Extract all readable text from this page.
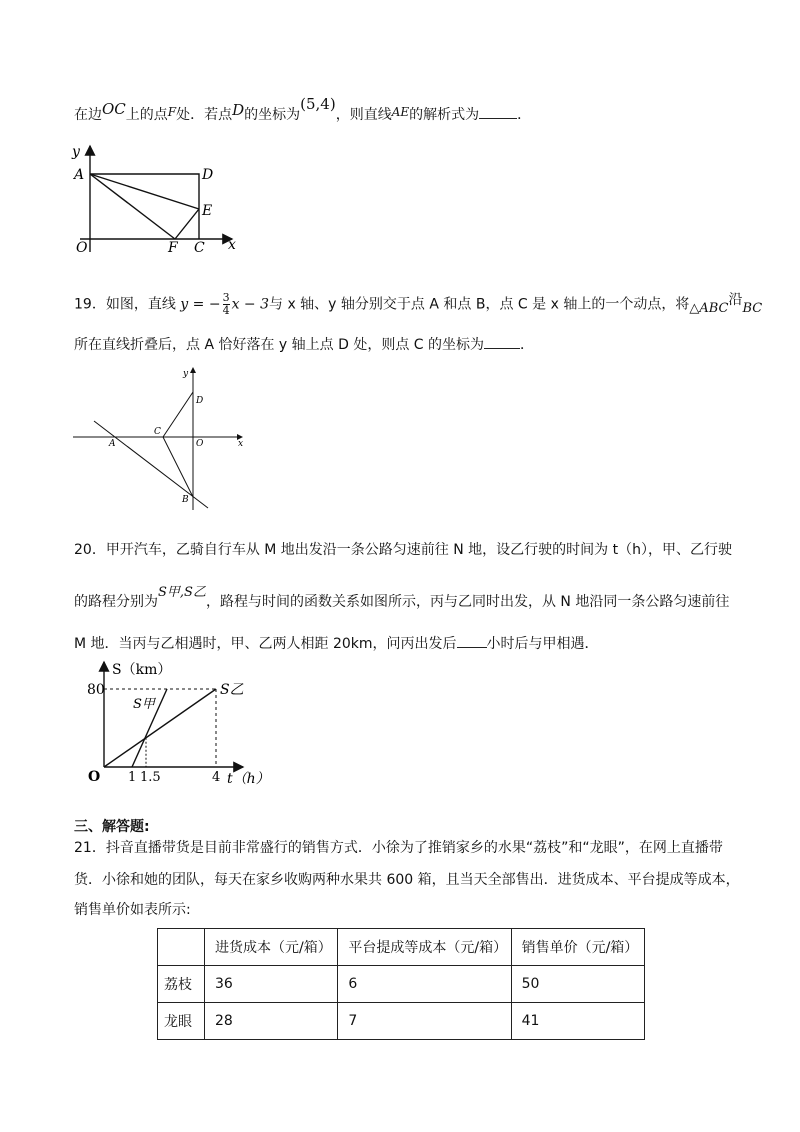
在边OC上的点F处．若点D的坐标为(5,4)，则直线AE的解析式为	．
y
A	D
E
O	F C x
19．如图，直线 y = − $\frac{3}{4}$ x − 3与 x 轴、y 轴分别交于点 A 和点 B，点 C 是 x 轴上的一个动点，将△ABC沿BC
所在直线折叠后，点 A 恰好落在 y 轴上点 D 处，则点 C 的坐标为	．
y
D
C
O
A	x
B
20．甲开汽车，乙骑自行车从 M 地出发沿一条公路匀速前往 N 地，设乙行驶的时间为 t（h），甲、乙行驶
的路程分别为S甲,S乙，路程与时间的函数关系如图所示，丙与乙同时出发，从 N 地沿同一条公路匀速前往
M 地．当丙与乙相遇时，甲、乙两人相距 20km，问丙出发后 小时后与甲相遇．
S（km）
t（h）
O
80
1 1.5	4
S甲
S乙
三、解答题:
21．抖音直播带货是目前非常盛行的销售方式．小徐为了推销家乡的水果“荔枝”和“龙眼”，在网上直播带
货．小徐和她的团队，每天在家乡收购两种水果共 600 箱，且当天全部售出．进货成本、平台提成等成本，
销售单价如表所示:
	进货成本（元/箱）	平台提成等成本（元/箱）	销售单价（元/箱）
荔枝	36	6	50
龙眼	28	7	41
